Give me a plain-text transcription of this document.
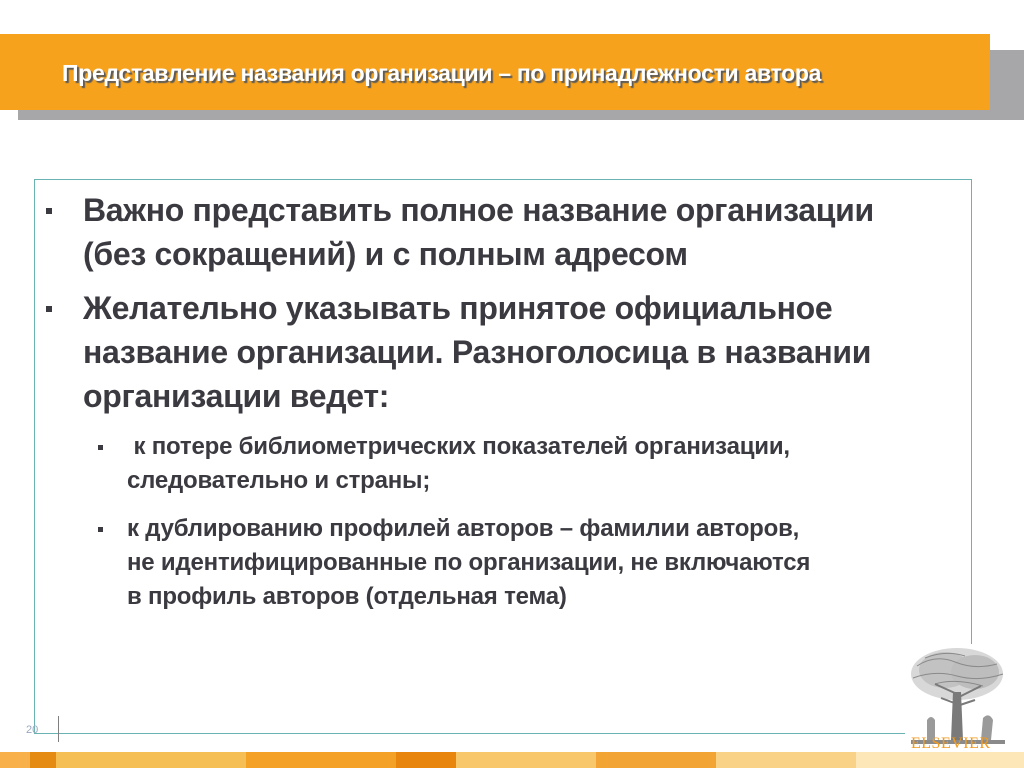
Представление названия организации – по принадлежности автора
Важно представить полное название организации
(без сокращений) и с полным адресом
Желательно указывать принятое официальное
название организации. Разноголосица в названии
организации ведет:
к потере библиометрических показателей организации,
следовательно и страны;
к дублированию профилей авторов – фамилии авторов,
не идентифицированные по организации, не включаются
в профиль авторов (отдельная тема)
20
ELSEVIER
